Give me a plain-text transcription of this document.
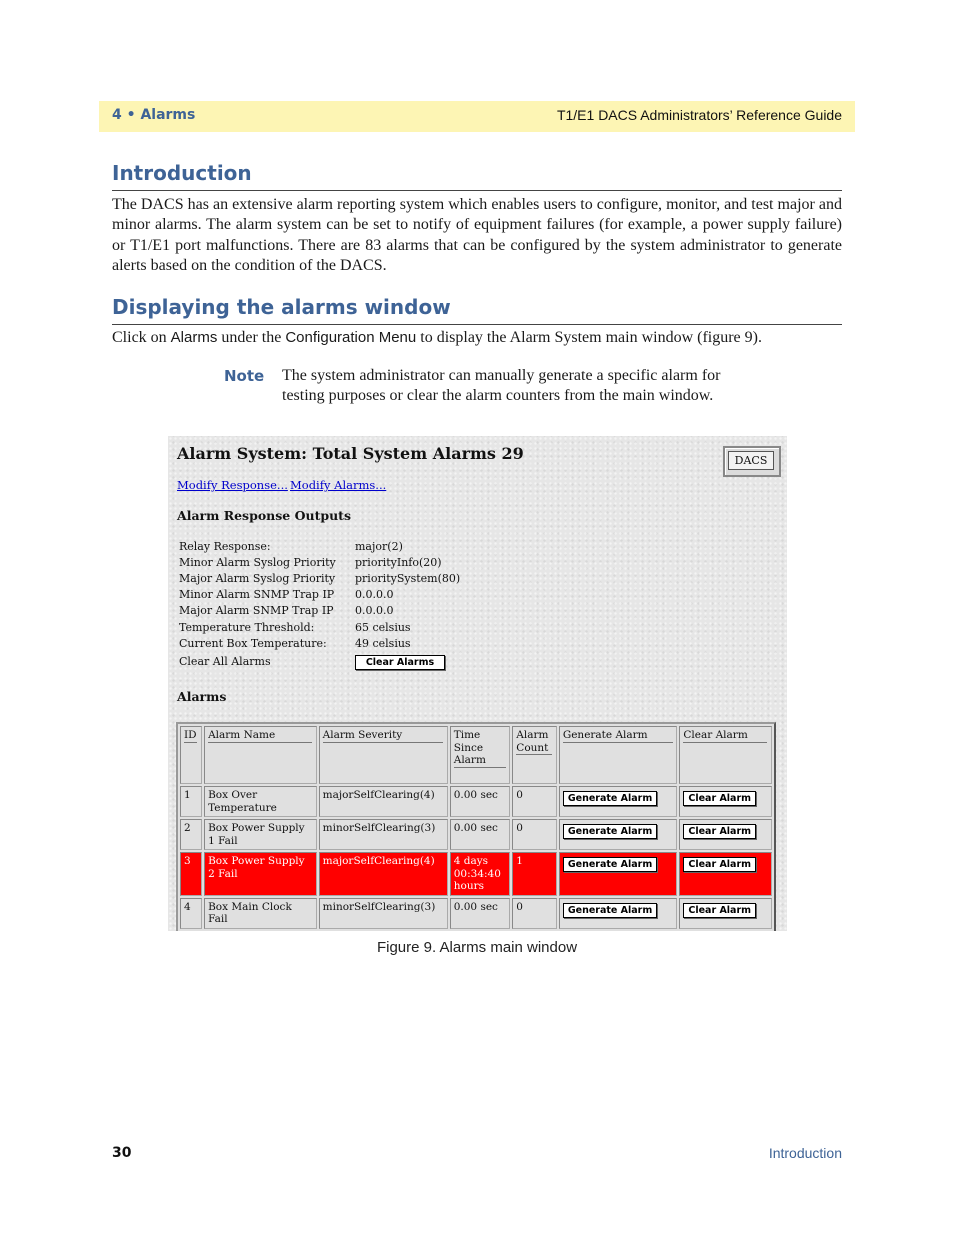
4 • Alarms	T1/E1 DACS Administrators’ Reference Guide
Introduction
The DACS has an extensive alarm reporting system which enables users to configure, monitor, and test major and minor alarms. The alarm system can be set to notify of equipment failures (for example, a power supply failure) or T1/E1 port malfunctions. There are 83 alarms that can be configured by the system administrator to generate alerts based on the condition of the DACS.
Displaying the alarms window
Click on Alarms under the Configuration Menu to display the Alarm System main window (figure 9).
Note The system administrator can manually generate a specific alarm for testing purposes or clear the alarm counters from the main window.
Alarm System: Total System Alarms 29	DACS
Modify Response... Modify Alarms...
Alarm Response Outputs
Relay Response:	major(2)
Minor Alarm Syslog Priority priorityInfo(20)
Major Alarm Syslog Priority prioritySystem(80)
Minor Alarm SNMP Trap IP 0.0.0.0
Major Alarm SNMP Trap IP 0.0.0.0
Temperature Threshold:	65 celsius
Current Box Temperature:	49 celsius
Clear All Alarms	Clear Alarms
Alarms
ID	Alarm Name	Alarm Severity	Time Since Alarm	Alarm Count	Generate Alarm	Clear Alarm
1	Box Over Temperature	majorSelfClearing(4)	0.00 sec	0	Generate Alarm	Clear Alarm
2	Box Power Supply 1 Fail	minorSelfClearing(3)	0.00 sec	0	Generate Alarm	Clear Alarm
3	Box Power Supply 2 Fail	majorSelfClearing(4)	4 days 00:34:40 hours	1	Generate Alarm	Clear Alarm
4	Box Main Clock Fail	minorSelfClearing(3)	0.00 sec	0	Generate Alarm	Clear Alarm
Figure 9. Alarms main window
30	Introduction
